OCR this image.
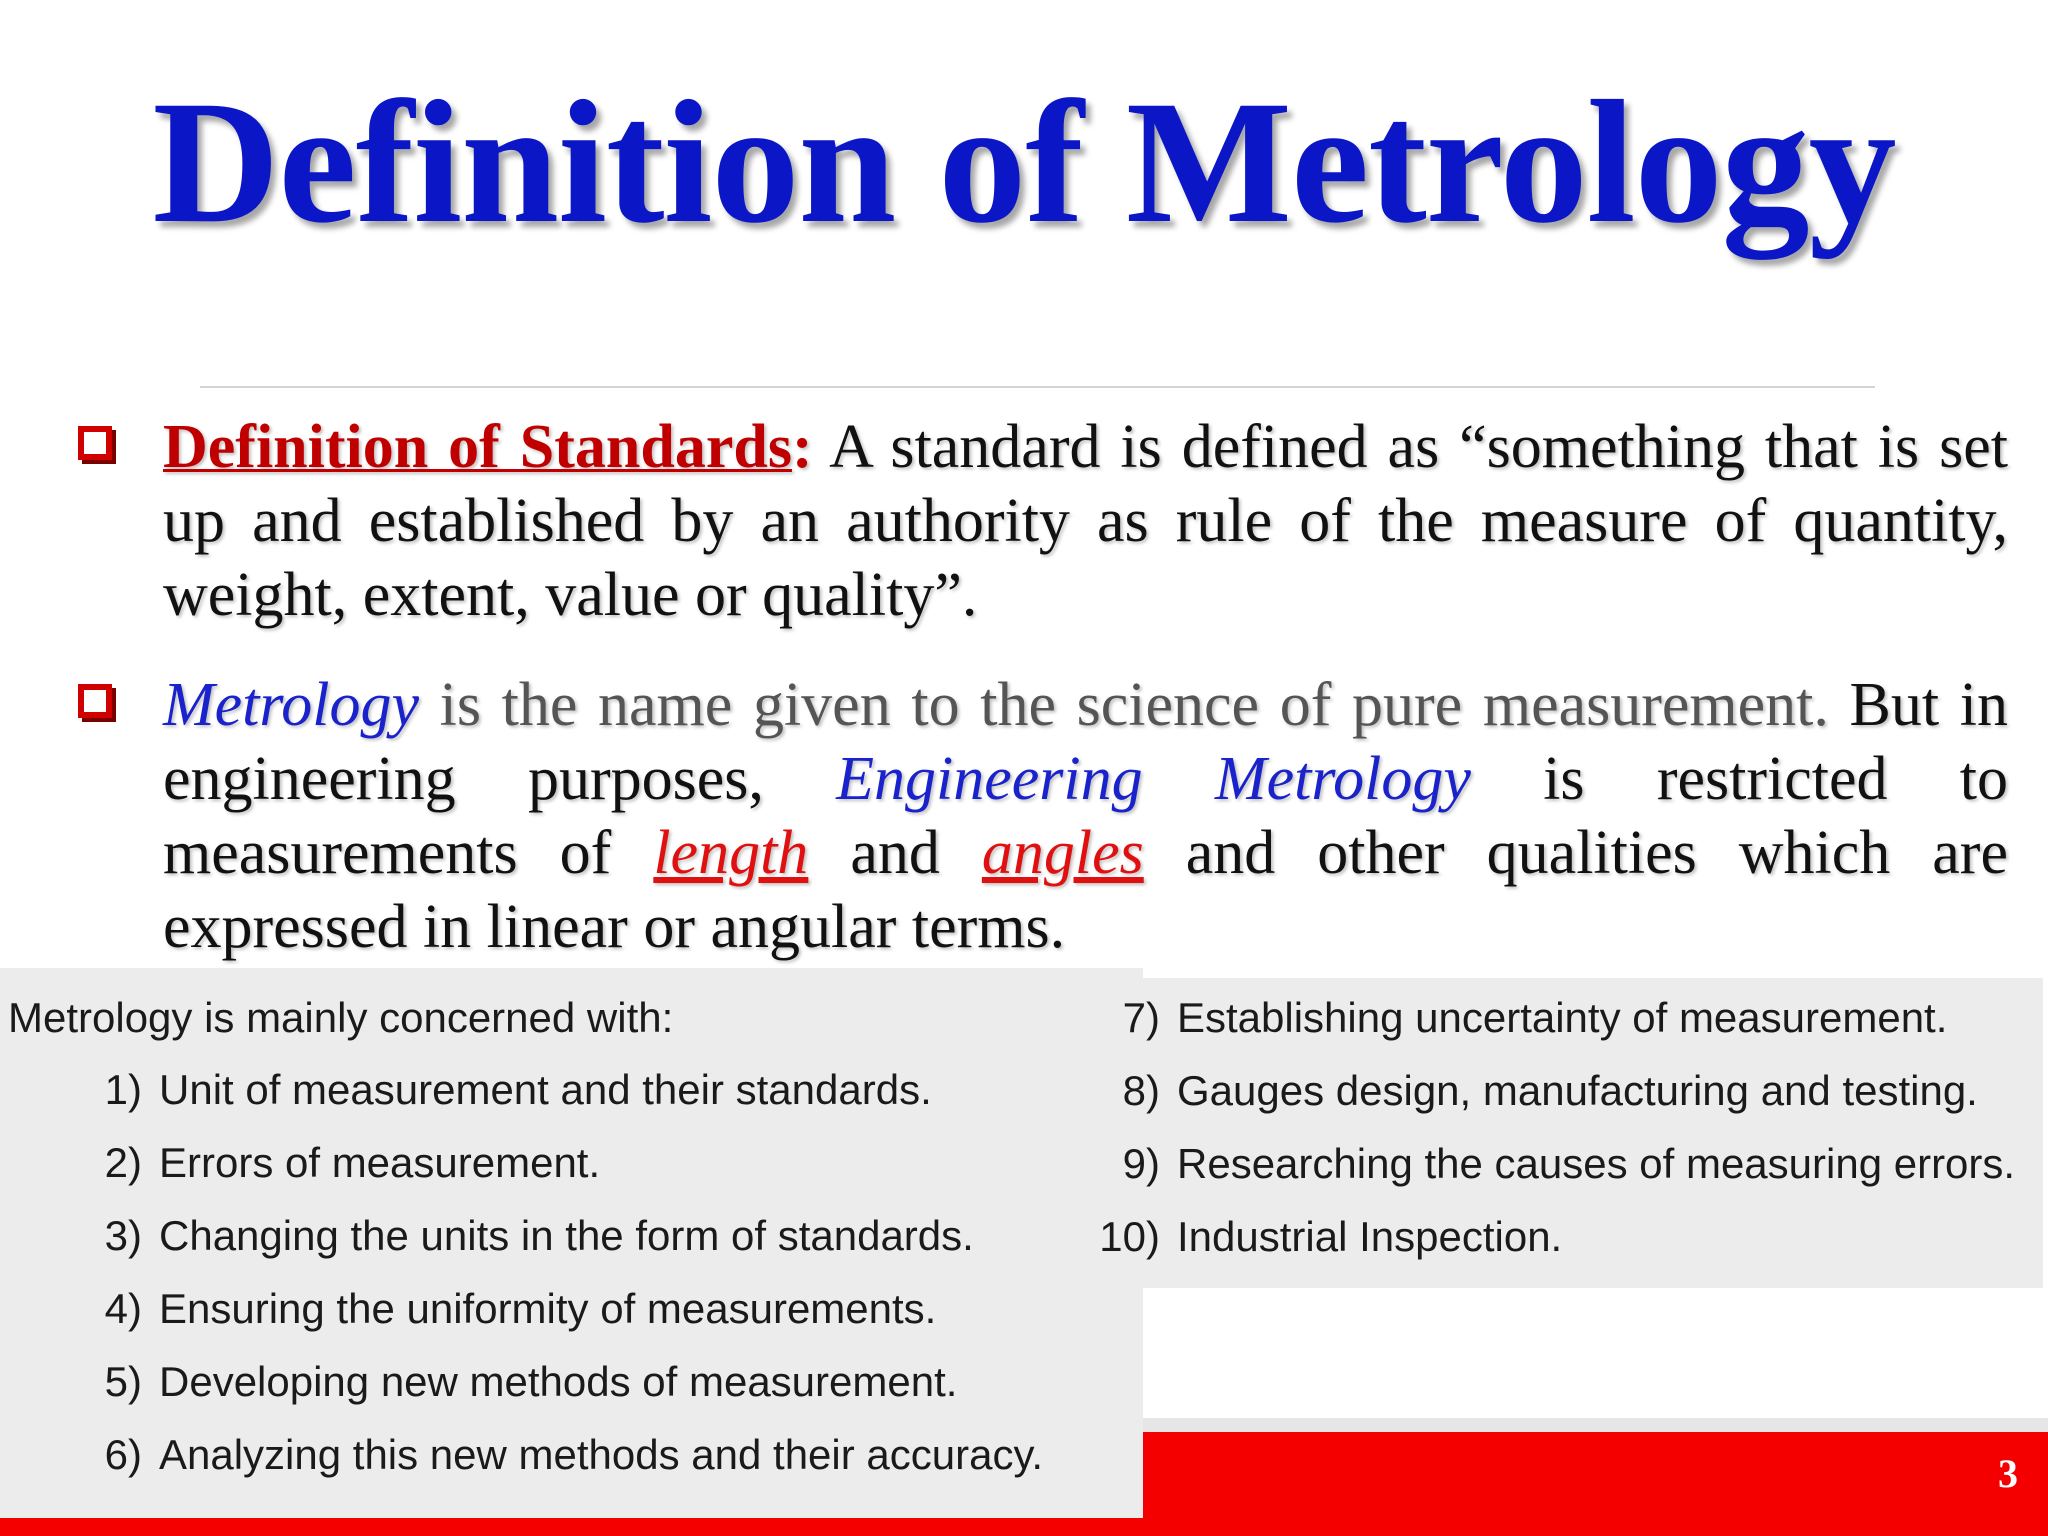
Definition of Metrology
Definition of Standards: A standard is defined as “something that is set up and established by an authority as rule of the measure of quantity, weight, extent, value or quality”.
Metrology is the name given to the science of pure measurement. But in engineering purposes, Engineering Metrology is restricted to measurements of length and angles and other qualities which are expressed in linear or angular terms.
Metrology is mainly concerned with:
1) Unit of measurement and their standards.
2) Errors of measurement.
3) Changing the units in the form of standards.
4) Ensuring the uniformity of measurements.
5) Developing new methods of measurement.
6) Analyzing this new methods and their accuracy.
7) Establishing uncertainty of measurement.
8) Gauges design, manufacturing and testing.
9) Researching the causes of measuring errors.
10) Industrial Inspection.
3
